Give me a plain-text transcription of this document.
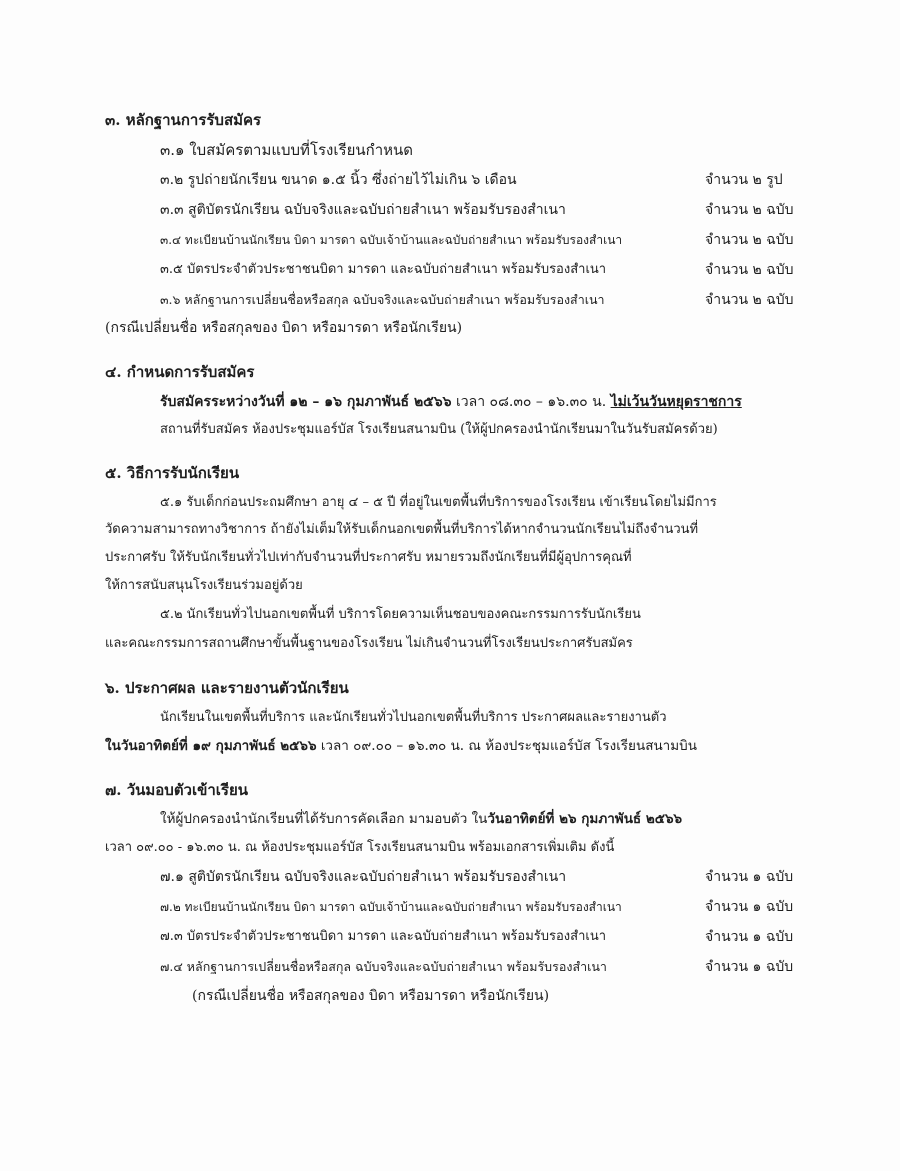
๓. หลักฐานการรับสมัคร
๓.๑ ใบสมัครตามแบบที่โรงเรียนกำหนด
๓.๒ รูปถ่ายนักเรียน ขนาด ๑.๕ นิ้ว ซึ่งถ่ายไว้ไม่เกิน ๖ เดือน	จำนวน ๒ รูป
๓.๓ สูติบัตรนักเรียน ฉบับจริงและฉบับถ่ายสำเนา พร้อมรับรองสำเนา	จำนวน ๒ ฉบับ
๓.๔ ทะเบียนบ้านนักเรียน บิดา มารดา ฉบับเจ้าบ้านและฉบับถ่ายสำเนา พร้อมรับรองสำเนา	จำนวน ๒ ฉบับ
๓.๕ บัตรประจำตัวประชาชนบิดา มารดา และฉบับถ่ายสำเนา พร้อมรับรองสำเนา	จำนวน ๒ ฉบับ
๓.๖ หลักฐานการเปลี่ยนชื่อหรือสกุล ฉบับจริงและฉบับถ่ายสำเนา พร้อมรับรองสำเนา	จำนวน ๒ ฉบับ
(กรณีเปลี่ยนชื่อ หรือสกุลของ บิดา หรือมารดา หรือนักเรียน)
๔. กำหนดการรับสมัคร
รับสมัครระหว่างวันที่ ๑๒ – ๑๖ กุมภาพันธ์ ๒๕๖๖ เวลา ๐๘.๓๐ – ๑๖.๓๐ น. ไม่เว้นวันหยุดราชการ
สถานที่รับสมัคร ห้องประชุมแอร์บัส โรงเรียนสนามบิน (ให้ผู้ปกครองนำนักเรียนมาในวันรับสมัครด้วย)
๕. วิธีการรับนักเรียน
๕.๑ รับเด็กก่อนประถมศึกษา อายุ ๔ – ๕ ปี ที่อยู่ในเขตพื้นที่บริการของโรงเรียน เข้าเรียนโดยไม่มีการ
วัดความสามารถทางวิชาการ ถ้ายังไม่เต็มให้รับเด็กนอกเขตพื้นที่บริการได้หากจำนวนนักเรียนไม่ถึงจำนวนที่
ประกาศรับ ให้รับนักเรียนทั่วไปเท่ากับจำนวนที่ประกาศรับ หมายรวมถึงนักเรียนที่มีผู้อุปการคุณที่
ให้การสนับสนุนโรงเรียนร่วมอยู่ด้วย
๕.๒ นักเรียนทั่วไปนอกเขตพื้นที่ บริการโดยความเห็นชอบของคณะกรรมการรับนักเรียน
และคณะกรรมการสถานศึกษาขั้นพื้นฐานของโรงเรียน ไม่เกินจำนวนที่โรงเรียนประกาศรับสมัคร
๖. ประกาศผล และรายงานตัวนักเรียน
นักเรียนในเขตพื้นที่บริการ และนักเรียนทั่วไปนอกเขตพื้นที่บริการ ประกาศผลและรายงานตัว
ในวันอาทิตย์ที่ ๑๙ กุมภาพันธ์ ๒๕๖๖ เวลา ๐๙.๐๐ – ๑๖.๓๐ น. ณ ห้องประชุมแอร์บัส โรงเรียนสนามบิน
๗. วันมอบตัวเข้าเรียน
ให้ผู้ปกครองนำนักเรียนที่ได้รับการคัดเลือก มามอบตัว ในวันอาทิตย์ที่ ๒๖ กุมภาพันธ์ ๒๕๖๖
เวลา ๐๙.๐๐ - ๑๖.๓๐ น. ณ ห้องประชุมแอร์บัส โรงเรียนสนามบิน พร้อมเอกสารเพิ่มเติม ดังนี้
๗.๑ สูติบัตรนักเรียน ฉบับจริงและฉบับถ่ายสำเนา พร้อมรับรองสำเนา	จำนวน ๑ ฉบับ
๗.๒ ทะเบียนบ้านนักเรียน บิดา มารดา ฉบับเจ้าบ้านและฉบับถ่ายสำเนา พร้อมรับรองสำเนา	จำนวน ๑ ฉบับ
๗.๓ บัตรประจำตัวประชาชนบิดา มารดา และฉบับถ่ายสำเนา พร้อมรับรองสำเนา	จำนวน ๑ ฉบับ
๗.๔ หลักฐานการเปลี่ยนชื่อหรือสกุล ฉบับจริงและฉบับถ่ายสำเนา พร้อมรับรองสำเนา	จำนวน ๑ ฉบับ
(กรณีเปลี่ยนชื่อ หรือสกุลของ บิดา หรือมารดา หรือนักเรียน)
